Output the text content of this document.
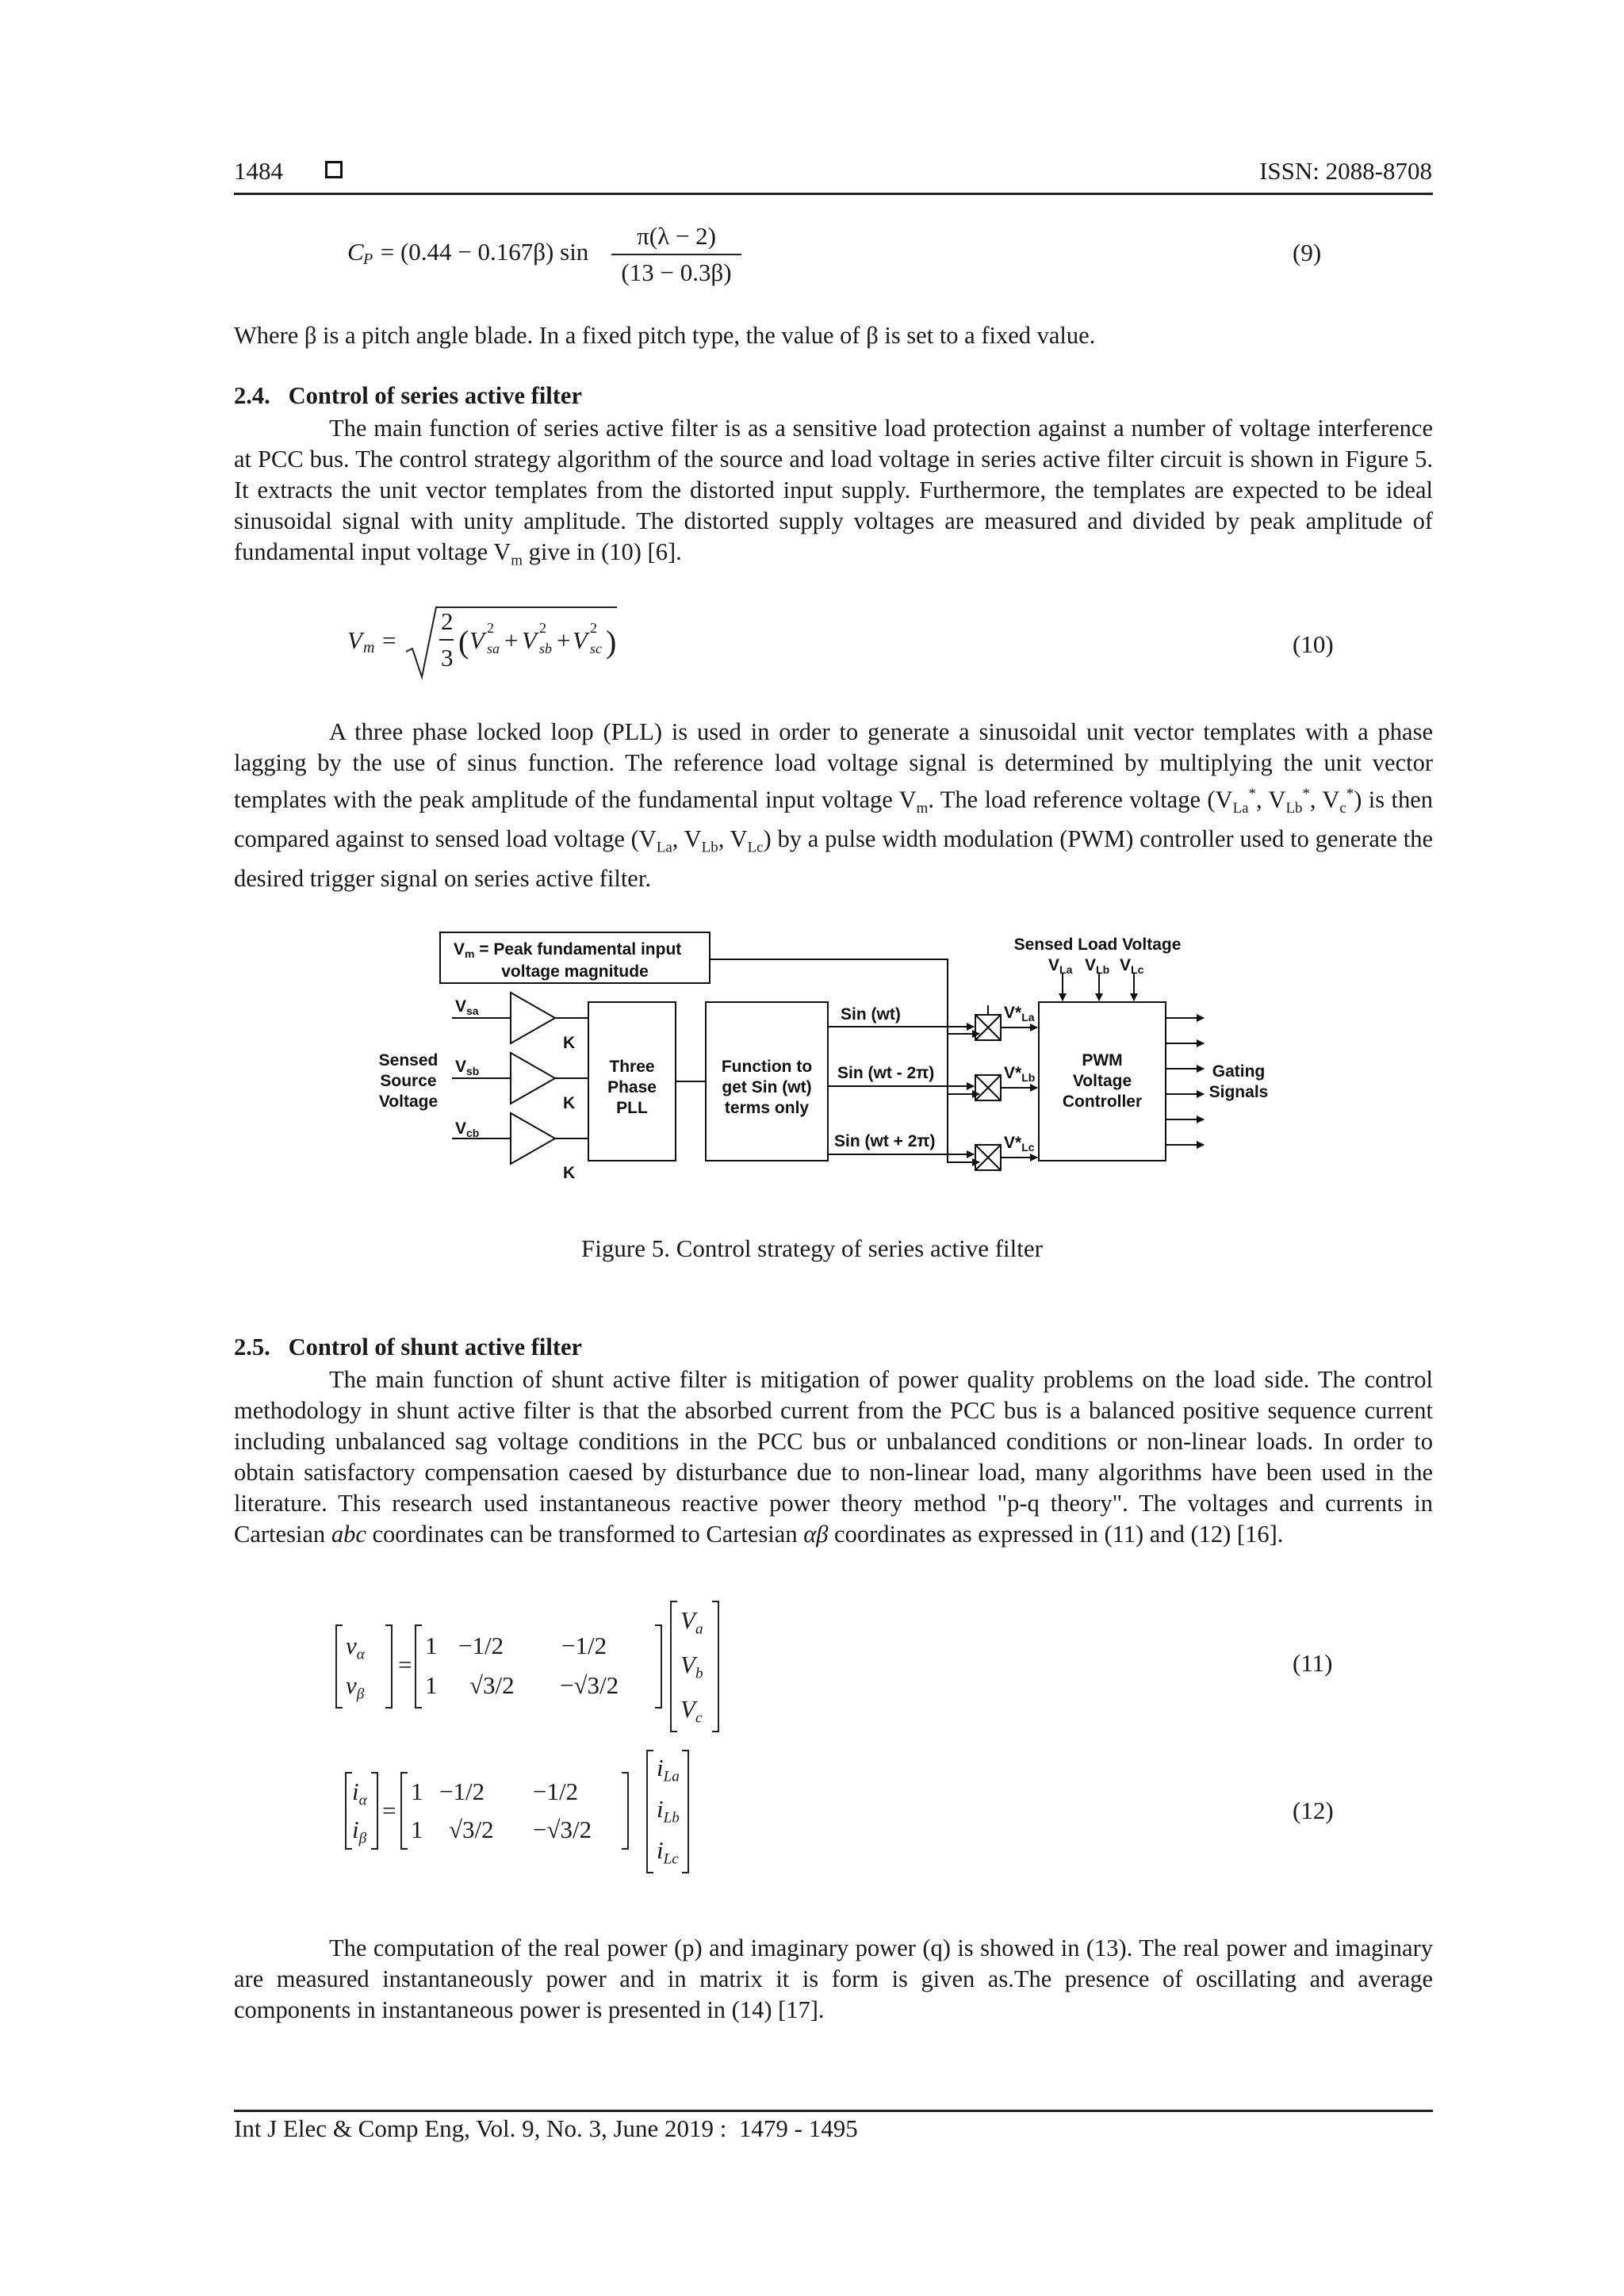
1484	ISSN: 2088-8708
C P = (0.44 − 0.167β) sin
π(λ − 2)
(13 − 0.3β)
(9)
Where β is a pitch angle blade. In a fixed pitch type, the value of β is set to a fixed value.
2.4.   Control of series active filter
The main function of series active filter is as a sensitive load protection against a number of voltage interference at PCC bus. The control strategy algorithm of the source and load voltage in series active filter circuit is shown in Figure 5. It extracts the unit vector templates from the distorted input supply. Furthermore, the templates are expected to be ideal sinusoidal signal with unity amplitude. The distorted supply voltages are measured and divided by peak amplitude of fundamental input voltage $V_m$ give in (10) [6].
V m =
2
3 ( V 2
sa + V 2
sb + V 2
sc )	(10)
A three phase locked loop (PLL) is used in order to generate a sinusoidal unit vector templates with a phase lagging by the use of sinus function. The reference load voltage signal is determined by multiplying the unit vector templates with the peak amplitude of the fundamental input voltage $V_m$. The load reference voltage ($V_{La}^*$, $V_{Lb}^*$, $V_c^*$) is then compared against to sensed load voltage ($V_{La}$, $V_{Lb}$, $V_{Lc}$) by a pulse width modulation (PWM) controller used to generate the desired trigger signal on series active filter.
Vm = Peak fundamental input
voltage magnitude
Sensed Load Voltage
VLa VLb VLc
Sensed
Source
Voltage
Vsa
Vsb
Vcb
K
K
K
Three
Phase
PLL
Function to
get Sin (wt)
terms only
Sin (wt)
Sin (wt - 2π)
Sin (wt + 2π)
V*La
V*Lb
V*Lc
PWM
Voltage
Controller
Gating
Signals
Figure 5. Control strategy of series active filter
2.5.   Control of shunt active filter
The main function of shunt active filter is mitigation of power quality problems on the load side. The control methodology in shunt active filter is that the absorbed current from the PCC bus is a balanced positive sequence current including unbalanced sag voltage conditions in the PCC bus or unbalanced conditions or non-linear loads. In order to obtain satisfactory compensation caesed by disturbance due to non-linear load, many algorithms have been used in the literature. This research used instantaneous reactive power theory method "p-q theory". The voltages and currents in Cartesian abc coordinates can be transformed to Cartesian αβ coordinates as expressed in (11) and (12) [16].
$v_\alpha$
$v_\beta$
=
1 −1/2 −1/2
1 √3/2 −√3/2
$V_a$
$V_b$
$V_c$
(11)
$i_\alpha$
$i_\beta$
=
1 −1/2 −1/2
1 √3/2 −√3/2
$i_{La}$
$i_{Lb}$
$i_{Lc}$
(12)
The computation of the real power (p) and imaginary power (q) is showed in (13). The real power and imaginary are measured instantaneously power and in matrix it is form is given as.The presence of oscillating and average components in instantaneous power is presented in (14) [17].
Int J Elec & Comp Eng, Vol. 9, No. 3, June 2019 :  1479 - 1495
